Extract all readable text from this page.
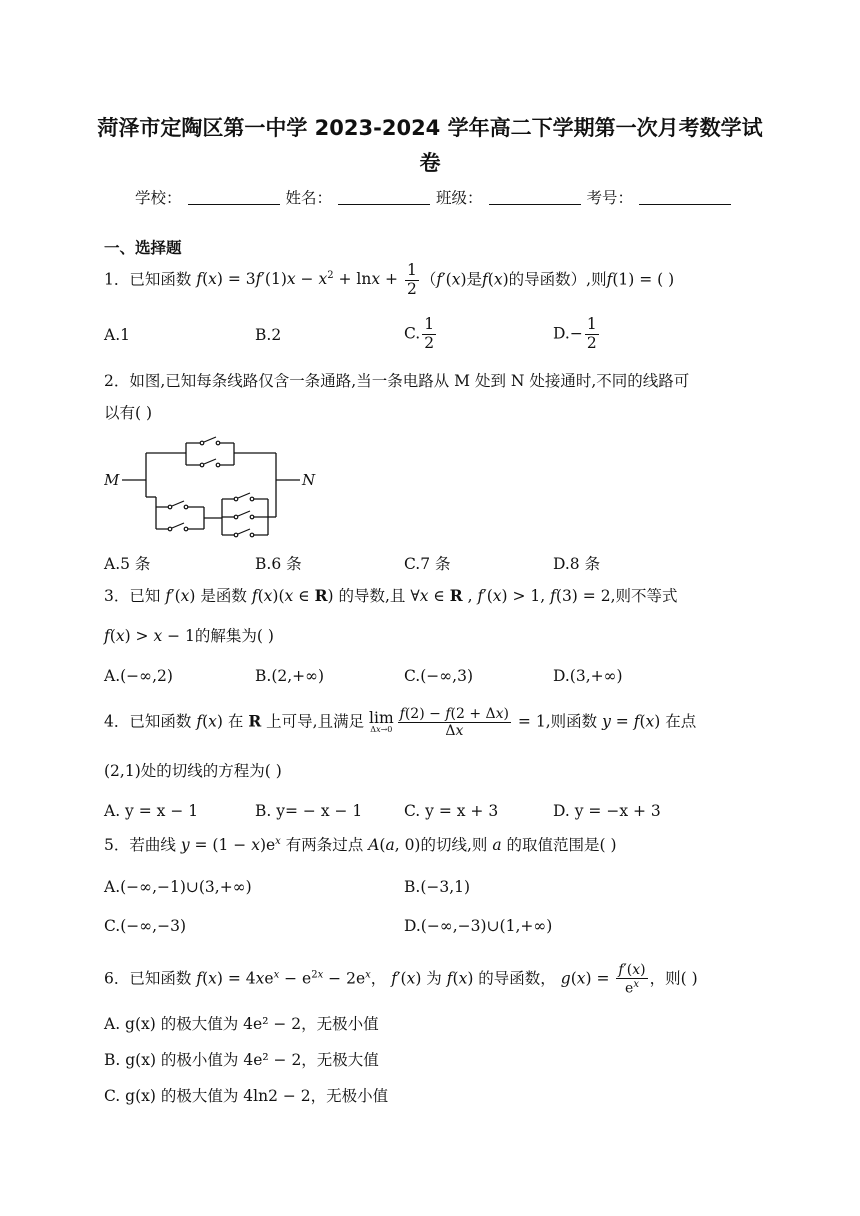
菏泽市定陶区第一中学 2023-2024 学年高二下学期第一次月考数学试
卷
学校：	姓名：	班级：	考号：
一、选择题
1．已知函数 $f(x) = 3f'(1)x - x^2 + \ln x + \frac{1}{2} (f'(x)$是f(x)的导函数）,则f(1) = ( )
A.1	B.2	C. $\frac{1}{2}$	$D.- \frac{1}{2}$
2．如图,已知每条线路仅含一条通路,当一条电路从 M 处到 N 处接通时,不同的线路可
以有( )
M	N
A.5 条	B.6 条	C.7 条	D.8 条
3．已知 f′(x) 是函数 f(x)(x ∈ R) 的导数,且 ∀x ∈ R , f′(x) > 1, f(3) = 2,则不等式
f(x) > x − 1的解集为( )
A.(−∞,2)	B.(2,+∞)	C.(−∞,3)	D.(3,+∞)
4．已知函数 f(x) 在 R 上可导,且满足 lim
$\Delta x\to 0 \frac{f(2) - f(2 + \Delta x)}{\Delta x} = 1$,则函数 y = f(x) 在点
(2,1)处的切线的方程为( )
A. y = x − 1	B. y= − x − 1	C. y = x + 3	D. y = −x + 3
5．若曲线 $y = (1 - x)e^x$ 有两条过点 A(a, 0)的切线,则 a 的取值范围是( )
A.(−∞,−1)∪(3,+∞)	B.(−3,1)
C.(−∞,−3)	D.(−∞,−3)∪(1,+∞)
6．已知函数 $f(x) = 4xe^x - e^{2x} - 2e^x$， f′(x) 为 f(x) 的导函数， $g(x) = \frac{f'(x)}{e^x}$ ，则( )
A. g(x) 的极大值为 4e² − 2，无极小值
B. g(x) 的极小值为 4e² − 2，无极大值
C. g(x) 的极大值为 4ln2 − 2，无极小值
